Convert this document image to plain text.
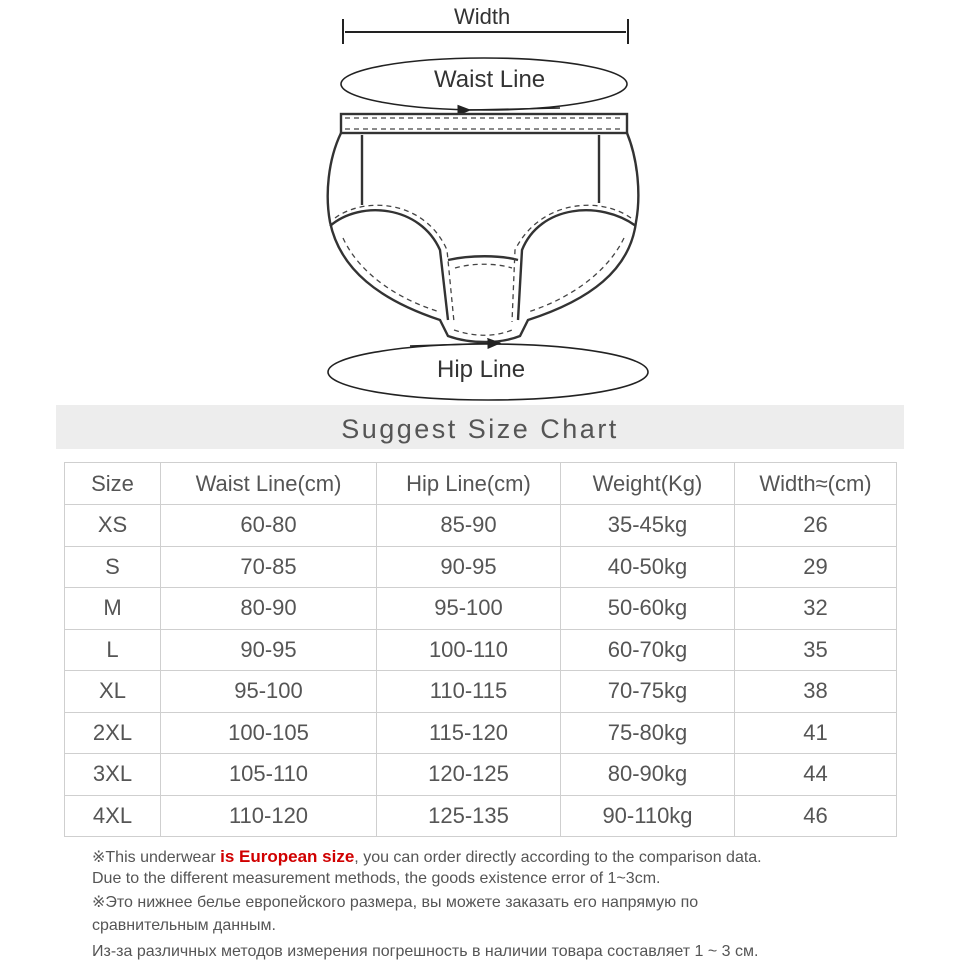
Width
Waist Line
Hip Line
Suggest Size Chart
Size	Waist Line(cm)	Hip Line(cm)	Weight(Kg)	Width≈(cm)
XS	60-80	85-90	35-45kg	26
S	70-85	90-95	40-50kg	29
M	80-90	95-100	50-60kg	32
L	90-95	100-110	60-70kg	35
XL	95-100	110-115	70-75kg	38
2XL	100-105	115-120	75-80kg	41
3XL	105-110	120-125	80-90kg	44
4XL	110-120	125-135	90-110kg	46
※This underwear is European size, you can order directly according to the comparison data.
Due to the different measurement methods, the goods existence error of 1~3cm.
※Это нижнее белье европейского размера, вы можете заказать его напрямую по
сравнительным данным.
Из-за различных методов измерения погрешность в наличии товара составляет 1 ~ 3 см.
